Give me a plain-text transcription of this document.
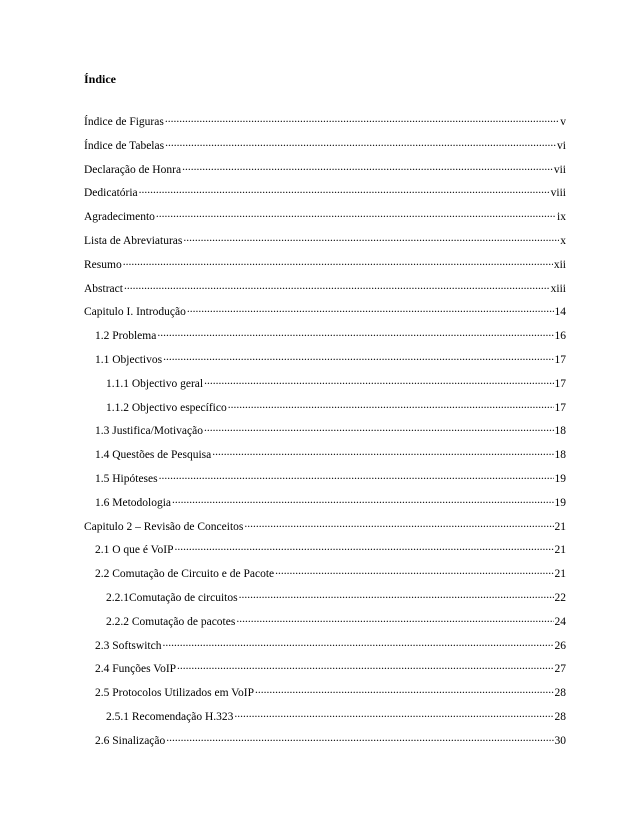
Índice
Índice de Figuras .....	v
Índice de Tabelas .....	vi
Declaração de Honra .....	vii
Dedicatória .....	viii
Agradecimento .....	ix
Lista de Abreviaturas .....	x
Resumo .....	xii
Abstract .....	xiii
Capitulo I. Introdução .....	14
1.2 Problema .....	16
1.1 Objectivos .....	17
1.1.1 Objectivo geral .....	17
1.1.2 Objectivo específico .....	17
1.3 Justifica/Motivação .....	18
1.4 Questões de Pesquisa .....	18
1.5 Hipóteses .....	19
1.6 Metodologia .....	19
Capitulo 2 – Revisão de Conceitos .....	21
2.1 O que é VoIP .....	21
2.2 Comutação de Circuito e de Pacote .....	21
2.2.1Comutação de circuitos .....	22
2.2.2 Comutação de pacotes .....	24
2.3 Softswitch .....	26
2.4 Funções VoIP .....	27
2.5 Protocolos Utilizados em VoIP .....	28
2.5.1 Recomendação H.323 .....	28
2.6 Sinalização .....	30
